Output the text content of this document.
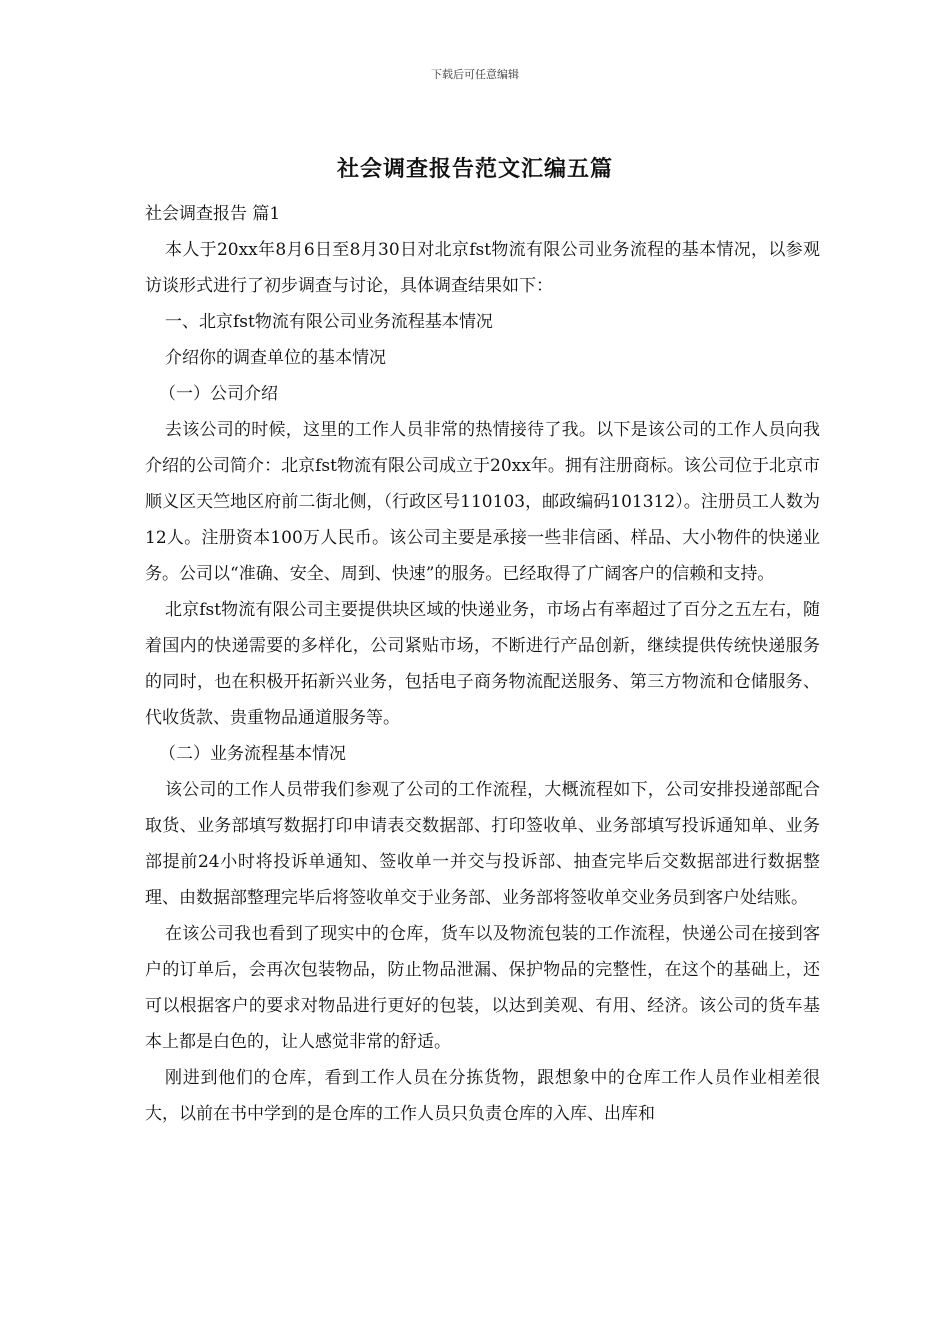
下载后可任意编辑
社会调查报告范文汇编五篇

社会调查报告 篇1

本人于20xx年8月6日至8月30日对北京fst物流有限公司业务流程的基本情况，以参观访谈形式进行了初步调查与讨论，具体调查结果如下：

一、北京fst物流有限公司业务流程基本情况

介绍你的调查单位的基本情况

（一）公司介绍

去该公司的时候，这里的工作人员非常的热情接待了我。以下是该公司的工作人员向我介绍的公司简介：北京fst物流有限公司成立于20xx年。拥有注册商标。该公司位于北京市顺义区天竺地区府前二街北侧，（行政区号110103，邮政编码101312）。注册员工人数为12人。注册资本100万人民币。该公司主要是承接一些非信函、样品、大小物件的快递业务。公司以“准确、安全、周到、快速”的服务。已经取得了广阔客户的信赖和支持。

北京fst物流有限公司主要提供块区域的快递业务，市场占有率超过了百分之五左右，随着国内的快递需要的多样化，公司紧贴市场，不断进行产品创新，继续提供传统快递服务的同时，也在积极开拓新兴业务，包括电子商务物流配送服务、第三方物流和仓储服务、代收货款、贵重物品通道服务等。

（二）业务流程基本情况

该公司的工作人员带我们参观了公司的工作流程，大概流程如下，公司安排投递部配合取货、业务部填写数据打印申请表交数据部、打印签收单、业务部填写投诉通知单、业务部提前24小时将投诉单通知、签收单一并交与投诉部、抽查完毕后交数据部进行数据整理、由数据部整理完毕后将签收单交于业务部、业务部将签收单交业务员到客户处结账。

在该公司我也看到了现实中的仓库，货车以及物流包装的工作流程，快递公司在接到客户的订单后，会再次包装物品，防止物品泄漏、保护物品的完整性，在这个的基础上，还可以根据客户的要求对物品进行更好的包装，以达到美观、有用、经济。该公司的货车基本上都是白色的，让人感觉非常的舒适。

刚进到他们的仓库，看到工作人员在分拣货物，跟想象中的仓库工作人员作业相差很大，以前在书中学到的是仓库的工作人员只负责仓库的入库、出库和
